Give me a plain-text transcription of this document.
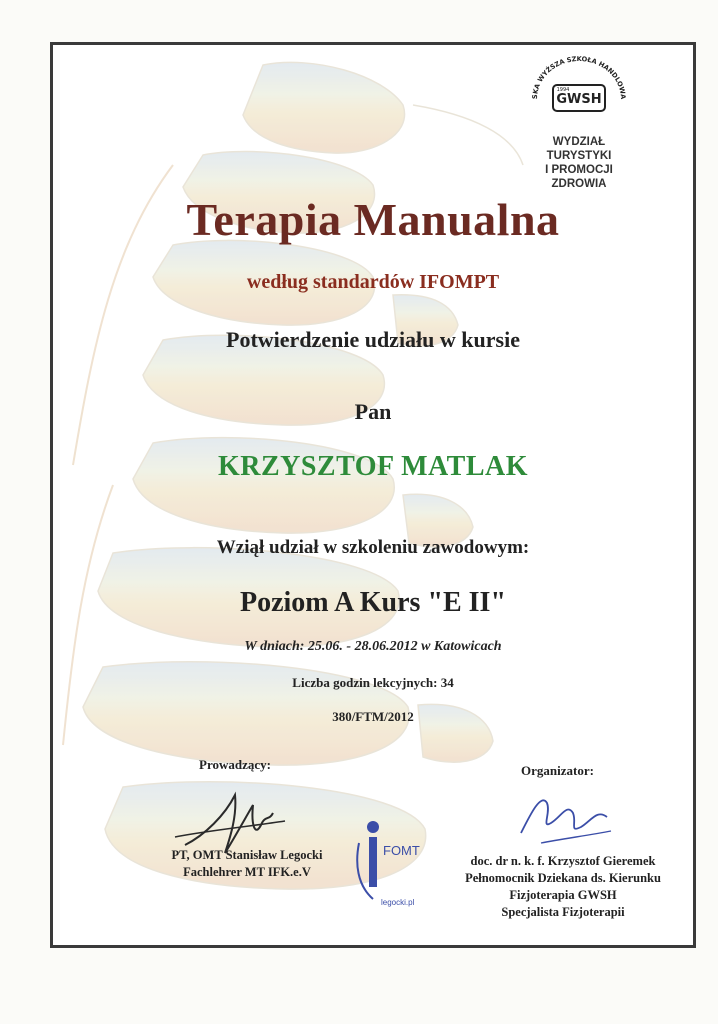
SKA WYŻSZA SZKOŁA HANDLOWA
GWSH
1994
WYDZIAŁ TURYSTYKI
I PROMOCJI ZDROWIA
Terapia Manualna
według standardów IFOMPT
Potwierdzenie udziału w kursie
Pan
KRZYSZTOF MATLAK
Wziął udział w szkoleniu zawodowym:
Poziom A Kurs "E II"
W dniach: 25.06. - 28.06.2012 w Katowicach
Liczba godzin lekcyjnych: 34
380/FTM/2012
Prowadzący:
PT, OMT Stanisław Legocki
Fachlehrer MT IFK.e.V
FOMT
legocki.pl
Organizator:
doc. dr n. k. f. Krzysztof Gieremek
Pełnomocnik Dziekana ds. Kierunku
Fizjoterapia GWSH
Specjalista Fizjoterapii
